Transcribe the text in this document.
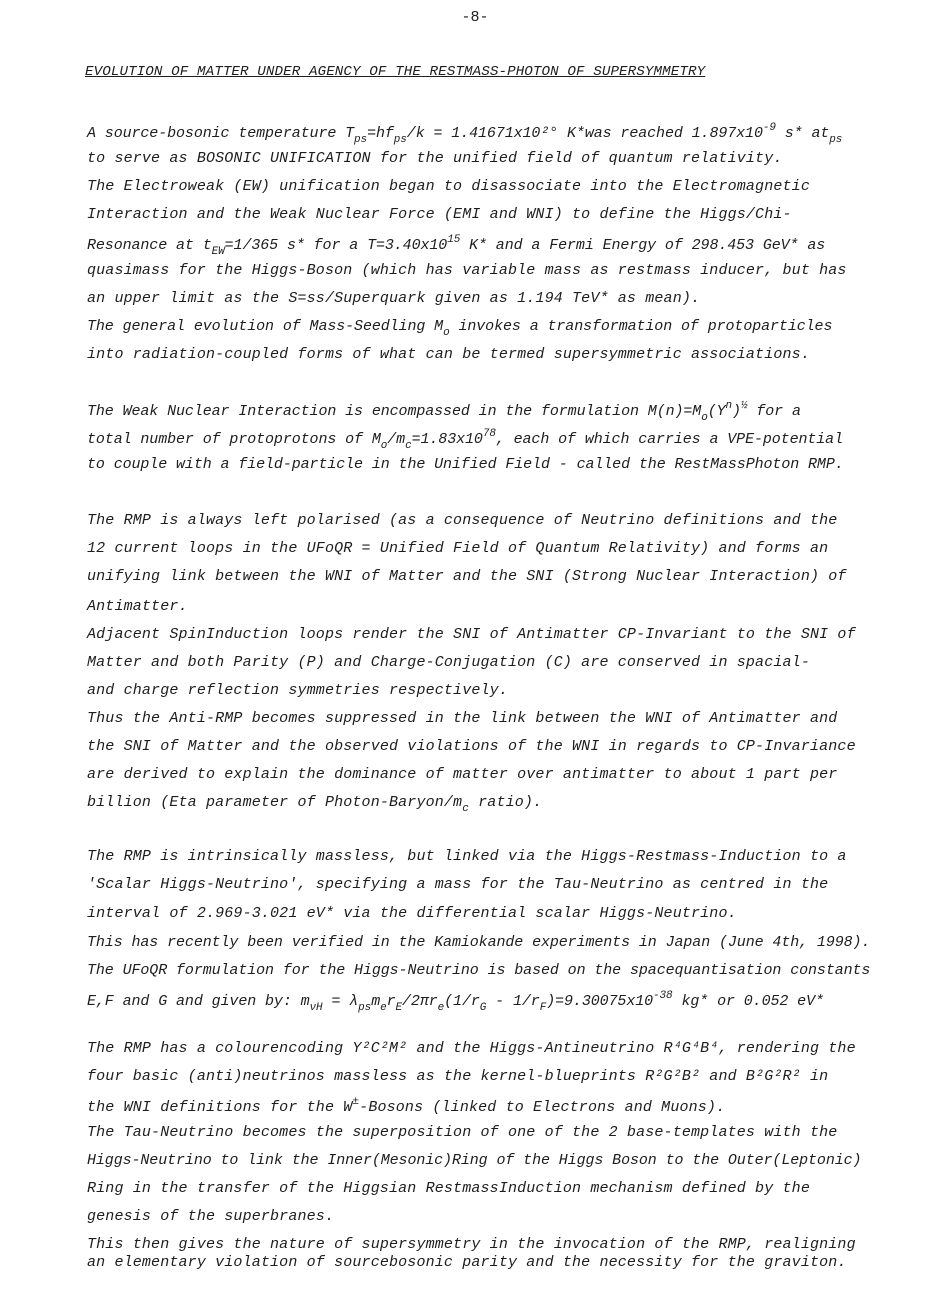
-8-
EVOLUTION OF MATTER UNDER AGENCY OF THE RESTMASS-PHOTON OF SUPERSYMMETRY
A source-bosonic temperature $T_{ps}=hf_{ps}/k = 1.41671x10^2^\circ$ K*was reached $1.897x10^{-9}$ s* $at_{ps}$
to serve as BOSONIC UNIFICATION for the unified field of quantum relativity.
The Electroweak (EW) unification began to disassociate into the Electromagnetic
Interaction and the Weak Nuclear Force (EMI and WNI) to define the Higgs/Chi-
Resonance at $t_{EW}=1/365$ s* for a $T=3.40x10^{15}$ K* and a Fermi Energy of 298.453 GeV* as
quasimass for the Higgs-Boson (which has variable mass as restmass inducer, but has
an upper limit as the S=ss/Superquark given as 1.194 TeV* as mean).
The general evolution of Mass-Seedling $M_o$ invokes a transformation of protoparticles
into radiation-coupled forms of what can be termed supersymmetric associations.
The Weak Nuclear Interaction is encompassed in the formulation $M(n)=M_o(Y^n)^{\frac{1}{2}}$ for a
total number of protoprotons of $M_o/m_c=1.83x10^{78}$, each of which carries a VPE-potential
to couple with a field-particle in the Unified Field - called the RestMassPhoton RMP.
The RMP is always left polarised (as a consequence of Neutrino definitions and the
12 current loops in the UFoQR = Unified Field of Quantum Relativity) and forms an
unifying link between the WNI of Matter and the SNI (Strong Nuclear Interaction) of
Antimatter.
Adjacent SpinInduction loops render the SNI of Antimatter CP-Invariant to the SNI of
Matter and both Parity (P) and Charge-Conjugation (C) are conserved in spacial-
and charge reflection symmetries respectively.
Thus the Anti-RMP becomes suppressed in the link between the WNI of Antimatter and
the SNI of Matter and the observed violations of the WNI in regards to CP-Invariance
are derived to explain the dominance of matter over antimatter to about 1 part per
billion (Eta parameter of Photon-$Baryon/m_c$ ratio).
The RMP is intrinsically massless, but linked via the Higgs-Restmass-Induction to a
'Scalar Higgs-Neutrino', specifying a mass for the Tau-Neutrino as centred in the
interval of 2.969-3.021 eV* via the differential scalar Higgs-Neutrino.
This has recently been verified in the Kamiokande experiments in Japan (June 4th, 1998).
The UFoQR formulation for the Higgs-Neutrino is based on the spacequantisation constants
E,F and G and given by: $m_{\nu H} = \lambda_{ps}m_er_E/2\pi r_e(1/r_G - 1/r_F)=9.30075x10^{-38}$ kg* or 0.052 eV*
The RMP has a colourencoding Y²C²M² and the Higgs-Antineutrino R⁴G⁴B⁴, rendering the
four basic (anti)neutrinos massless as the kernel-blueprints R²G²B² and B²G²R² in
the WNI definitions for the W±-Bosons (linked to Electrons and Muons).
The Tau-Neutrino becomes the superposition of one of the 2 base-templates with the
Higgs-Neutrino to link the Inner(Mesonic)Ring of the Higgs Boson to the Outer(Leptonic)
Ring in the transfer of the Higgsian RestmassInduction mechanism defined by the
genesis of the superbranes.
This then gives the nature of supersymmetry in the invocation of the RMP, realigning
an elementary violation of sourcebosonic parity and the necessity for the graviton.
